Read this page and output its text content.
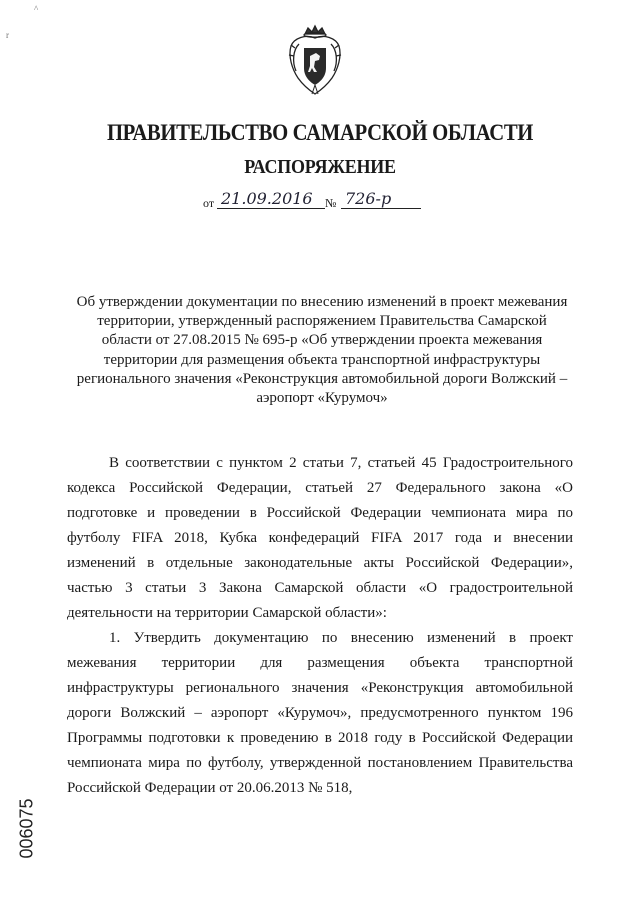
^
r
ПРАВИТЕЛЬСТВО САМАРСКОЙ ОБЛАСТИ
РАСПОРЯЖЕНИЕ
от 21.09.2016	№ 726-р
Об утверждении документации по внесению изменений в проект межевания территории, утвержденный распоряжением Правительства Самарской области от 27.08.2015 № 695-р «Об утверждении проекта межевания территории для размещения объекта транспортной инфраструктуры регионального значения «Реконструкция автомобильной дороги Волжский – аэропорт «Курумоч»

В соответствии с пунктом 2 статьи 7, статьей 45 Градостроительного кодекса Российской Федерации, статьей 27 Федерального закона «О подготовке и проведении в Российской Федерации чемпионата мира по футболу FIFA 2018, Кубка конфедераций FIFA 2017 года и внесении изменений в отдельные законодательные акты Российской Федерации», частью 3 статьи 3 Закона Самарской области «О градостроительной деятельности на территории Самарской области»:

1. Утвердить документацию по внесению изменений в проект межевания территории для размещения объекта транспортной инфраструктуры регионального значения «Реконструкция автомобильной дороги Волжский – аэропорт «Курумоч», предусмотренного пунктом 196 Программы подготовки к проведению в 2018 году в Российской Федерации чемпионата мира по футболу, утвержденной постановлением Правительства Российской Федерации от 20.06.2013 № 518,

006075
